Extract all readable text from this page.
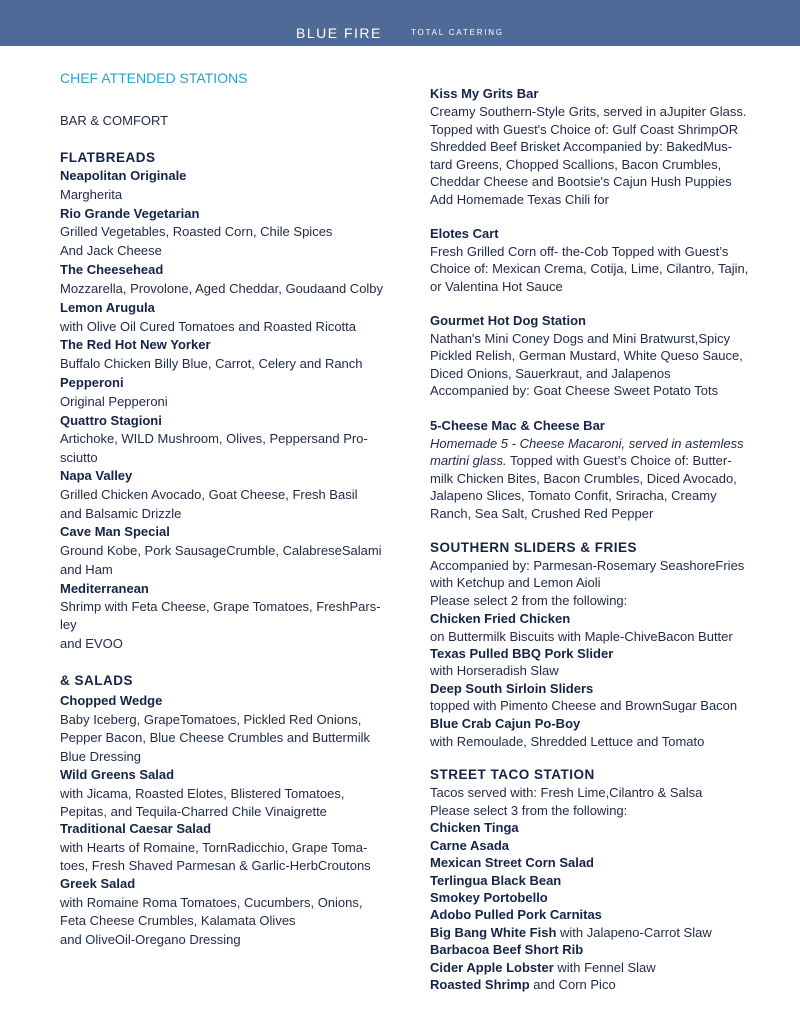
BLUE FIRE	TOTAL CATERING
CHEF ATTENDED STATIONS
BAR & COMFORT
FLATBREADS
Neapolitan Originale
Margherita
Rio Grande Vegetarian
Grilled Vegetables, Roasted Corn, Chile Spices
And Jack Cheese
The Cheesehead
Mozzarella, Provolone, Aged Cheddar, Goudaand Colby
Lemon Arugula
with Olive Oil Cured Tomatoes and Roasted Ricotta
The Red Hot New Yorker
Buffalo Chicken Billy Blue, Carrot, Celery and Ranch
Pepperoni
Original Pepperoni
Quattro Stagioni
Artichoke, WILD Mushroom, Olives, Peppersand Pro-
sciutto
Napa Valley
Grilled Chicken Avocado, Goat Cheese, Fresh Basil
and Balsamic Drizzle
Cave Man Special
Ground Kobe, Pork SausageCrumble, CalabreseSalami
and Ham
Mediterranean
Shrimp with Feta Cheese, Grape Tomatoes, FreshPars-
ley
and EVOO
& SALADS
Chopped Wedge
Baby Iceberg, GrapeTomatoes, Pickled Red Onions,
Pepper Bacon, Blue Cheese Crumbles and Buttermilk
Blue Dressing
Wild Greens Salad
with Jicama, Roasted Elotes, Blistered Tomatoes,
Pepitas, and Tequila-Charred Chile Vinaigrette
Traditional Caesar Salad
with Hearts of Romaine, TornRadicchio, Grape Toma-
toes, Fresh Shaved Parmesan & Garlic-HerbCroutons
Greek Salad
with Romaine Roma Tomatoes, Cucumbers, Onions,
Feta Cheese Crumbles, Kalamata Olives
and OliveOil-Oregano Dressing
Kiss My Grits Bar
Creamy Southern-Style Grits, served in aJupiter Glass.
Topped with Guest's Choice of: Gulf Coast ShrimpOR
Shredded Beef Brisket Accompanied by: BakedMus-
tard Greens, Chopped Scallions, Bacon Crumbles,
Cheddar Cheese and Bootsie's Cajun Hush Puppies
Add Homemade Texas Chili for
Elotes Cart
Fresh Grilled Corn off- the-Cob Topped with Guest’s
Choice of: Mexican Crema, Cotija, Lime, Cilantro, Tajin,
or Valentina Hot Sauce
Gourmet Hot Dog Station
Nathan's Mini Coney Dogs and Mini Bratwurst,Spicy
Pickled Relish, German Mustard, White Queso Sauce,
Diced Onions, Sauerkraut, and Jalapenos
Accompanied by: Goat Cheese Sweet Potato Tots
5-Cheese Mac & Cheese Bar
Homemade 5 - Cheese Macaroni, served in astemless
martini glass. Topped with Guest’s Choice of: Butter-
milk Chicken Bites, Bacon Crumbles, Diced Avocado,
Jalapeno Slices, Tomato Confit, Sriracha, Creamy
Ranch, Sea Salt, Crushed Red Pepper
SOUTHERN SLIDERS & FRIES
Accompanied by: Parmesan-Rosemary SeashoreFries
with Ketchup and Lemon Aioli
Please select 2 from the following:
Chicken Fried Chicken
on Buttermilk Biscuits with Maple-ChiveBacon Butter
Texas Pulled BBQ Pork Slider
with Horseradish Slaw
Deep South Sirloin Sliders
topped with Pimento Cheese and BrownSugar Bacon
Blue Crab Cajun Po-Boy
with Remoulade, Shredded Lettuce and Tomato
STREET TACO STATION
Tacos served with: Fresh Lime,Cilantro & Salsa
Please select 3 from the following:
Chicken Tinga
Carne Asada
Mexican Street Corn Salad
Terlingua Black Bean
Smokey Portobello
Adobo Pulled Pork Carnitas
Big Bang White Fish with Jalapeno-Carrot Slaw
Barbacoa Beef Short Rib
Cider Apple Lobster with Fennel Slaw
Roasted Shrimp and Corn Pico
